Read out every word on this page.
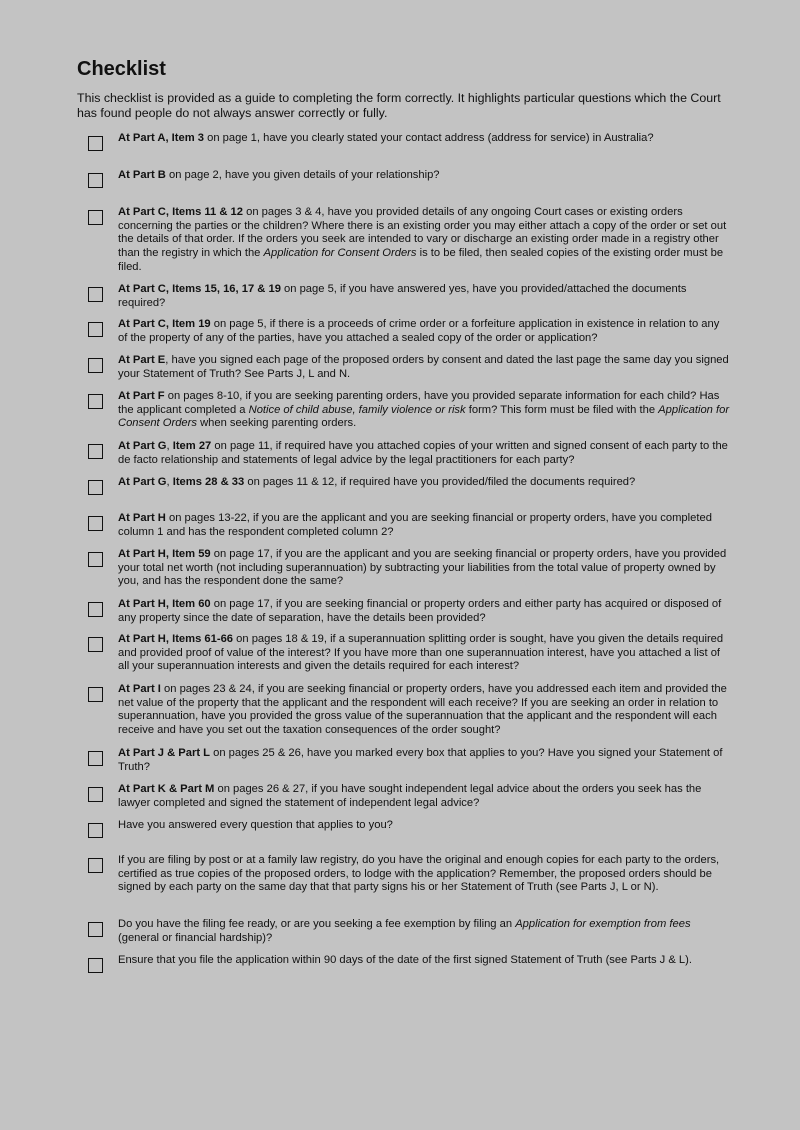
Checklist

This checklist is provided as a guide to completing the form correctly. It highlights particular questions which the Court has found people do not always answer correctly or fully.

At Part A, Item 3 on page 1, have you clearly stated your contact address (address for service) in Australia?
At Part B on page 2, have you given details of your relationship?
At Part C, Items 11 & 12 on pages 3 & 4, have you provided details of any ongoing Court cases or existing orders concerning the parties or the children? Where there is an existing order you may either attach a copy of the order or set out the details of that order. If the orders you seek are intended to vary or discharge an existing order made in a registry other than the registry in which the Application for Consent Orders is to be filed, then sealed copies of the existing order must be filed.
At Part C, Items 15, 16, 17 & 19 on page 5, if you have answered yes, have you provided/attached the documents required?
At Part C, Item 19 on page 5, if there is a proceeds of crime order or a forfeiture application in existence in relation to any of the property of any of the parties, have you attached a sealed copy of the order or application?
At Part E, have you signed each page of the proposed orders by consent and dated the last page the same day you signed your Statement of Truth? See Parts J, L and N.
At Part F on pages 8-10, if you are seeking parenting orders, have you provided separate information for each child? Has the applicant completed a Notice of child abuse, family violence or risk form? This form must be filed with the Application for Consent Orders when seeking parenting orders.
At Part G, Item 27 on page 11, if required have you attached copies of your written and signed consent of each party to the de facto relationship and statements of legal advice by the legal practitioners for each party?
At Part G, Items 28 & 33 on pages 11 & 12, if required have you provided/filed the documents required?
At Part H on pages 13-22, if you are the applicant and you are seeking financial or property orders, have you completed column 1 and has the respondent completed column 2?
At Part H, Item 59 on page 17, if you are the applicant and you are seeking financial or property orders, have you provided your total net worth (not including superannuation) by subtracting your liabilities from the total value of property owned by you, and has the respondent done the same?
At Part H, Item 60 on page 17, if you are seeking financial or property orders and either party has acquired or disposed of any property since the date of separation, have the details been provided?
At Part H, Items 61-66 on pages 18 & 19, if a superannuation splitting order is sought, have you given the details required and provided proof of value of the interest? If you have more than one superannuation interest, have you attached a list of all your superannuation interests and given the details required for each interest?
At Part I on pages 23 & 24, if you are seeking financial or property orders, have you addressed each item and provided the net value of the property that the applicant and the respondent will each receive? If you are seeking an order in relation to superannuation, have you provided the gross value of the superannuation that the applicant and the respondent will each receive and have you set out the taxation consequences of the order sought?
At Part J & Part L on pages 25 & 26, have you marked every box that applies to you? Have you signed your Statement of Truth?
At Part K & Part M on pages 26 & 27, if you have sought independent legal advice about the orders you seek has the lawyer completed and signed the statement of independent legal advice?
Have you answered every question that applies to you?
If you are filing by post or at a family law registry, do you have the original and enough copies for each party to the orders, certified as true copies of the proposed orders, to lodge with the application? Remember, the proposed orders should be signed by each party on the same day that that party signs his or her Statement of Truth (see Parts J, L or N).
Do you have the filing fee ready, or are you seeking a fee exemption by filing an Application for exemption from fees (general or financial hardship)?
Ensure that you file the application within 90 days of the date of the first signed Statement of Truth (see Parts J & L).
